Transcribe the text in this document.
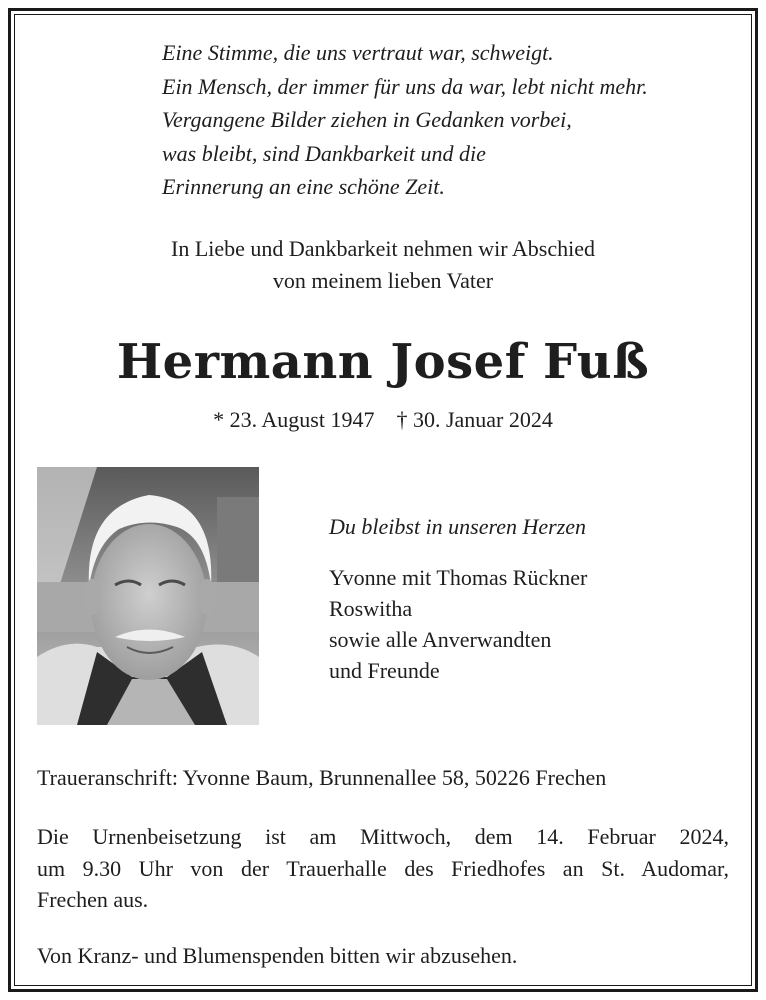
Eine Stimme, die uns vertraut war, schweigt.
Ein Mensch, der immer für uns da war, lebt nicht mehr.
Vergangene Bilder ziehen in Gedanken vorbei,
was bleibt, sind Dankbarkeit und die
Erinnerung an eine schöne Zeit.
In Liebe und Dankbarkeit nehmen wir Abschied
von meinem lieben Vater
Hermann Josef Fuß
* 23. August 1947 † 30. Januar 2024
Du bleibst in unseren Herzen
Yvonne mit Thomas Rückner
Roswitha
sowie alle Anverwandten
und Freunde
Traueranschrift: Yvonne Baum, Brunnenallee 58, 50226 Frechen
Die Urnenbeisetzung ist am Mittwoch, dem 14. Februar 2024,
um 9.30 Uhr von der Trauerhalle des Friedhofes an St. Audomar,
Frechen aus.
Von Kranz- und Blumenspenden bitten wir abzusehen.
